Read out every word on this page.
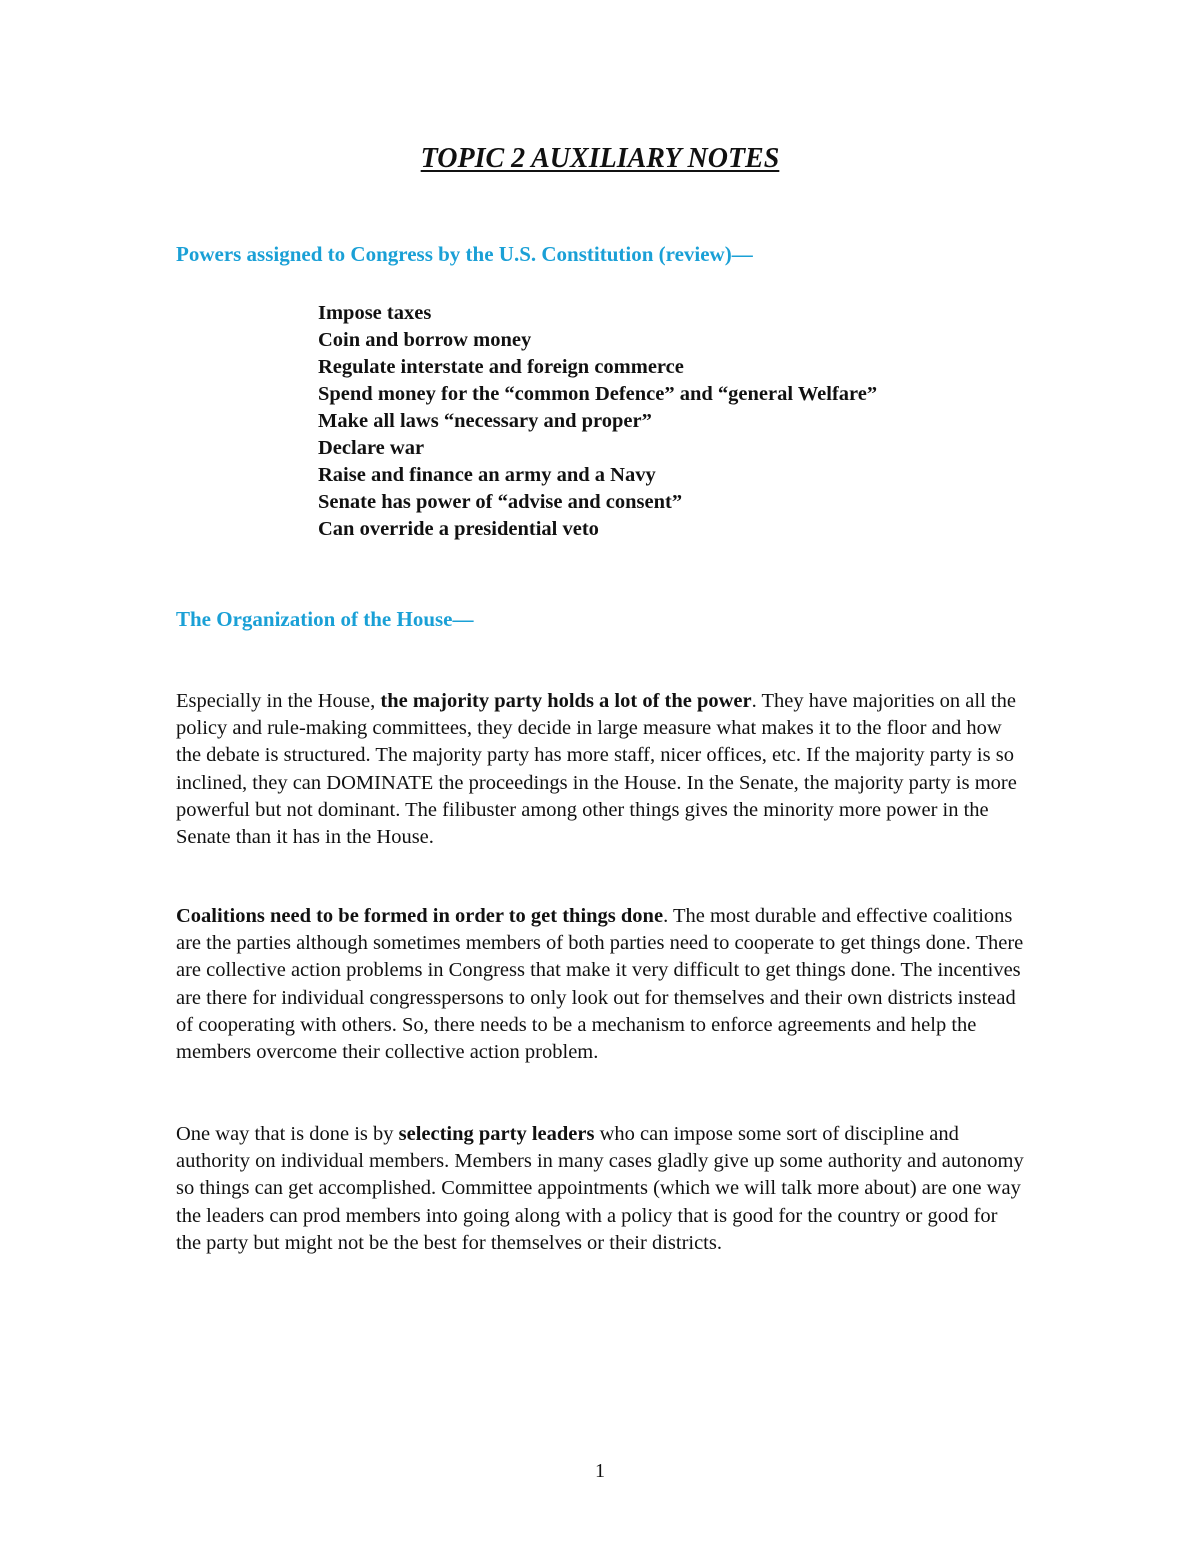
TOPIC 2 AUXILIARY NOTES
Powers assigned to Congress by the U.S. Constitution (review)—
Impose taxes
Coin and borrow money
Regulate interstate and foreign commerce
Spend money for the “common Defence” and “general Welfare”
Make all laws “necessary and proper”
Declare war
Raise and finance an army and a Navy
Senate has power of “advise and consent”
Can override a presidential veto
The Organization of the House—

Especially in the House, the majority party holds a lot of the power. They have majorities on all the policy and rule-making committees, they decide in large measure what makes it to the floor and how the debate is structured. The majority party has more staff, nicer offices, etc. If the majority party is so inclined, they can DOMINATE the proceedings in the House. In the Senate, the majority party is more powerful but not dominant. The filibuster among other things gives the minority more power in the Senate than it has in the House.

Coalitions need to be formed in order to get things done. The most durable and effective coalitions are the parties although sometimes members of both parties need to cooperate to get things done. There are collective action problems in Congress that make it very difficult to get things done. The incentives are there for individual congresspersons to only look out for themselves and their own districts instead of cooperating with others. So, there needs to be a mechanism to enforce agreements and help the members overcome their collective action problem.

One way that is done is by selecting party leaders who can impose some sort of discipline and authority on individual members. Members in many cases gladly give up some authority and autonomy so things can get accomplished. Committee appointments (which we will talk more about) are one way the leaders can prod members into going along with a policy that is good for the country or good for the party but might not be the best for themselves or their districts.

1
